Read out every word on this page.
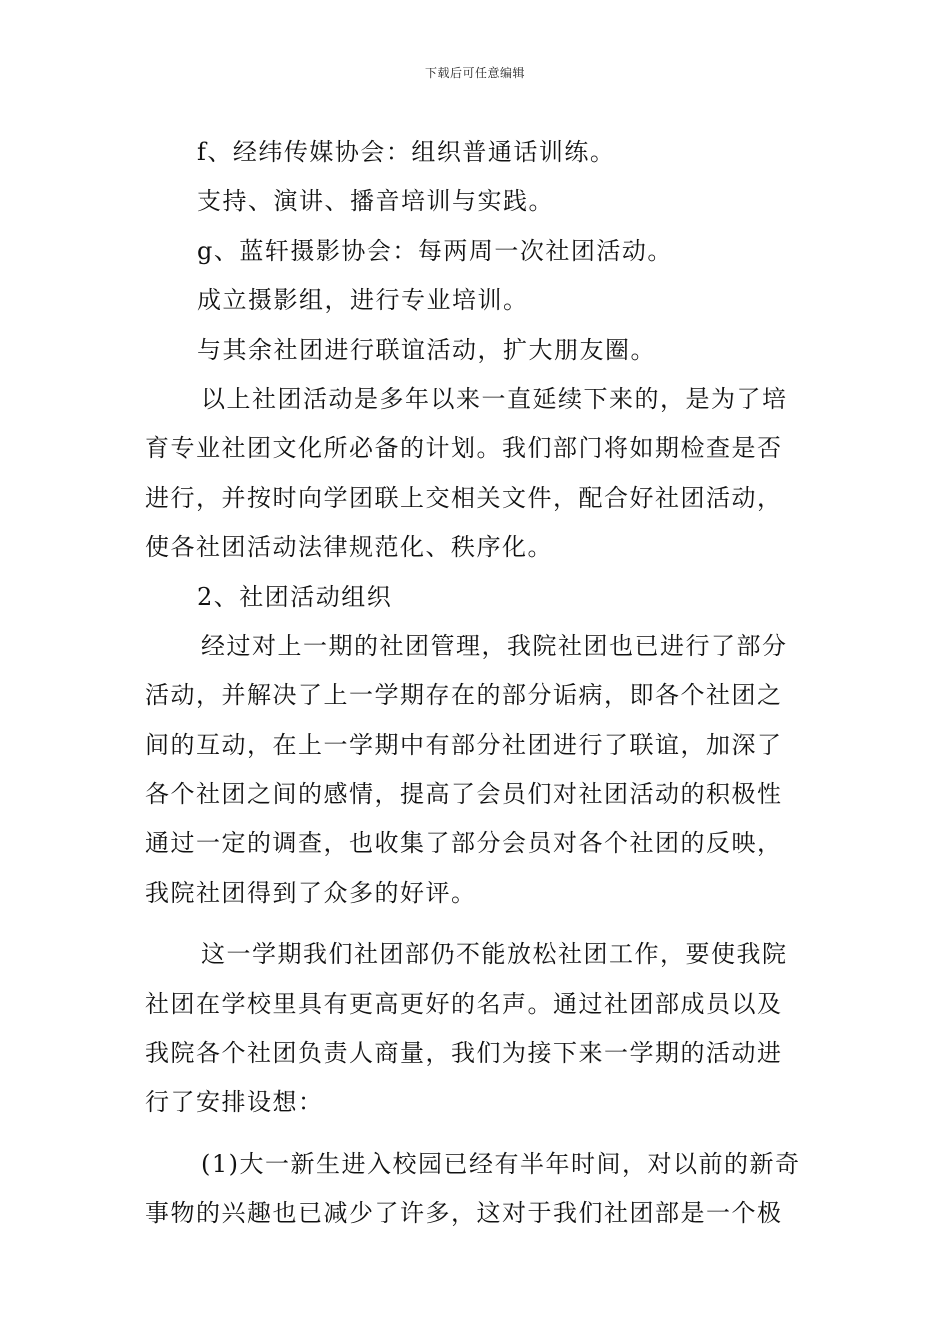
下载后可任意编辑
f、经纬传媒协会：组织普通话训练。
支持、演讲、播音培训与实践。
g、蓝轩摄影协会：每两周一次社团活动。
成立摄影组，进行专业培训。
与其余社团进行联谊活动，扩大朋友圈。
以上社团活动是多年以来一直延续下来的，是为了培
育专业社团文化所必备的计划。我们部门将如期检查是否
进行，并按时向学团联上交相关文件，配合好社团活动，
使各社团活动法律规范化、秩序化。
2、社团活动组织
经过对上一期的社团管理，我院社团也已进行了部分
活动，并解决了上一学期存在的部分诟病，即各个社团之
间的互动，在上一学期中有部分社团进行了联谊，加深了
各个社团之间的感情，提高了会员们对社团活动的积极性
通过一定的调查，也收集了部分会员对各个社团的反映，
我院社团得到了众多的好评。
这一学期我们社团部仍不能放松社团工作，要使我院
社团在学校里具有更高更好的名声。通过社团部成员以及
我院各个社团负责人商量，我们为接下来一学期的活动进
行了安排设想：
(1)大一新生进入校园已经有半年时间，对以前的新奇
事物的兴趣也已减少了许多，这对于我们社团部是一个极
